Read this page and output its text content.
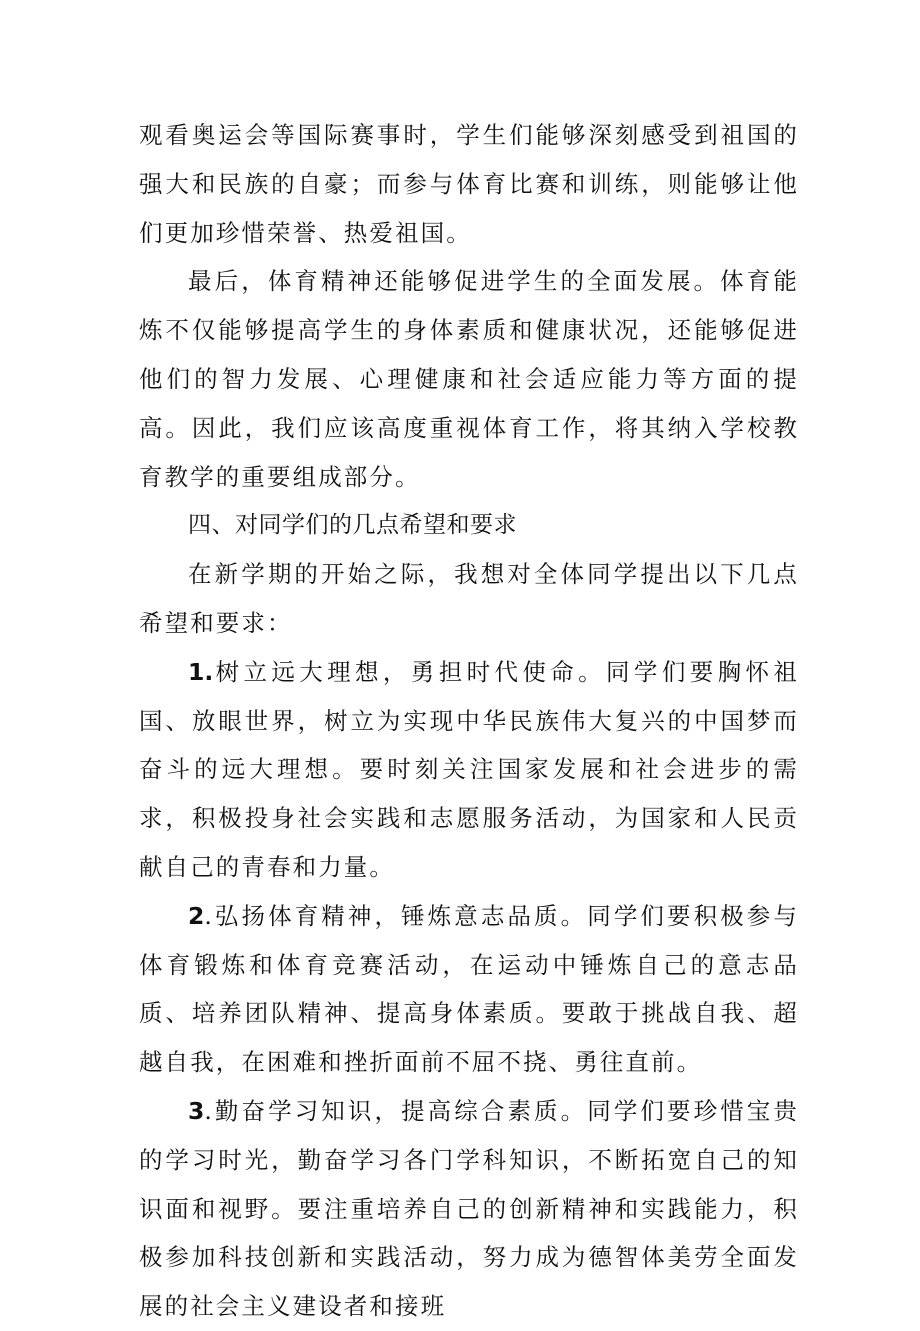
观看奥运会等国际赛事时，学生们能够深刻感受到祖国的强大和民族的自豪；而参与体育比赛和训练，则能够让他们更加珍惜荣誉、热爱祖国。

最后，体育精神还能够促进学生的全面发展。体育能炼不仅能够提高学生的身体素质和健康状况，还能够促进他们的智力发展、心理健康和社会适应能力等方面的提高。因此，我们应该高度重视体育工作，将其纳入学校教育教学的重要组成部分。

四、对同学们的几点希望和要求

在新学期的开始之际，我想对全体同学提出以下几点希望和要求：

1.树立远大理想，勇担时代使命。同学们要胸怀祖国、放眼世界，树立为实现中华民族伟大复兴的中国梦而奋斗的远大理想。要时刻关注国家发展和社会进步的需求，积极投身社会实践和志愿服务活动，为国家和人民贡献自己的青春和力量。

2.弘扬体育精神，锤炼意志品质。同学们要积极参与体育锻炼和体育竞赛活动，在运动中锤炼自己的意志品质、培养团队精神、提高身体素质。要敢于挑战自我、超越自我，在困难和挫折面前不屈不挠、勇往直前。

3.勤奋学习知识，提高综合素质。同学们要珍惜宝贵的学习时光，勤奋学习各门学科知识，不断拓宽自己的知识面和视野。要注重培养自己的创新精神和实践能力，积极参加科技创新和实践活动，努力成为德智体美劳全面发展的社会主义建设者和接班
